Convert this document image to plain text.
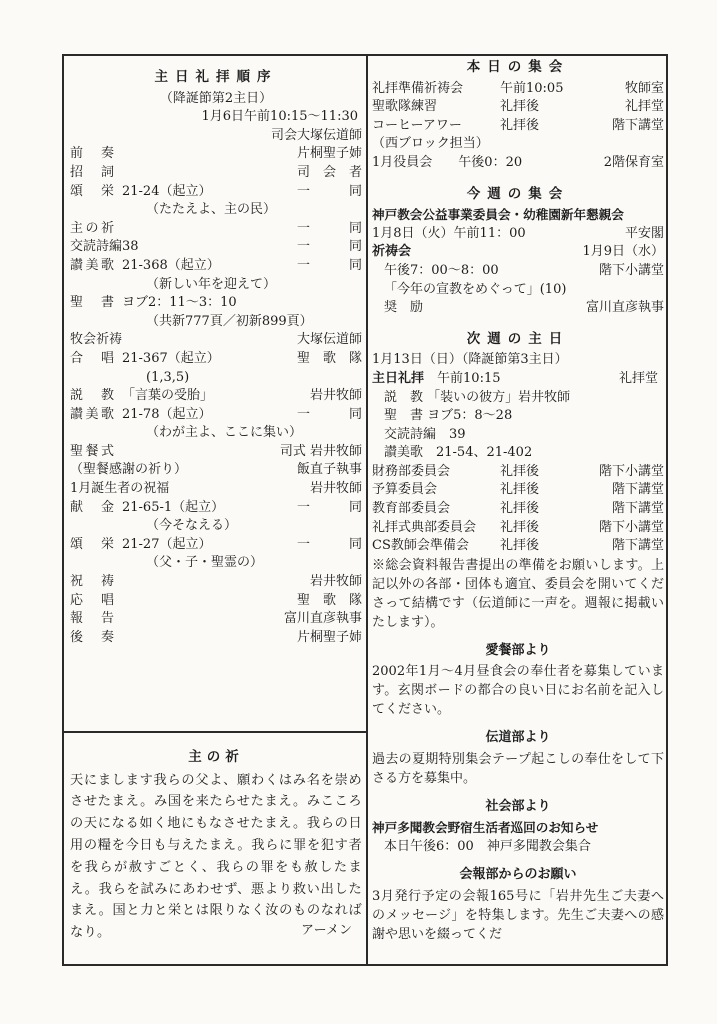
主日礼拝順序
（降誕節第2主日）
1月6日午前10:15～11:30
司会大塚伝道師
前　奏	片桐聖子姉
招　詞	司　会　者
頌　栄 21-24（起立）	一　　　同
（たたえよ、主の民）
主の祈	一　　　同
交読詩編 38	一　　　同
讃美歌 21-368（起立）	一　　　同
（新しい年を迎えて）
聖　書 ヨブ2：11～3：10
（共新777頁／初新899頁）
牧会祈祷	大塚伝道師
合　唱 21-367（起立）	聖　歌　隊
(1,3,5)
説　教 「言葉の受胎」	岩井牧師
讃美歌 21-78（起立）	一　　　同
（わが主よ、ここに集い）
聖餐式	司式 岩井牧師
（聖餐感謝の祈り）	飯直子執事
1月誕生者の祝福	岩井牧師
献　金 21-65-1（起立）	一　　　同
（今そなえる）
頌　栄 21-27（起立）	一　　　同
（父・子・聖霊の）
祝　祷	岩井牧師
応　唱	聖　歌　隊
報　告	富川直彦執事
後　奏	片桐聖子姉
主の祈
天にまします我らの父よ、願わくはみ名を崇めさせたまえ。み国を来たらせたまえ。みこころの天になる如く地にもなさせたまえ。我らの日用の糧を今日も与えたまえ。我らに罪を犯す者を我らが赦すごとく、我らの罪をも赦したまえ。我らを試みにあわせず、悪より救い出したまえ。国と力と栄とは限りなく汝のものなればなり。	アーメン
本日の集会
礼拝準備祈祷会	午前10:05	牧師室
聖歌隊練習	礼拝後	礼拝堂
コーヒーアワー	礼拝後	階下講堂
（西ブロック担当）
1月役員会　　 午後0：20	2階保育室
今週の集会
神戸教会公益事業委員会・幼稚園新年懇親会
1月8日（火）午前11：00	平安閣
祈祷会	1月9日（水）
午後7：00～8：00	階下小講堂
「今年の宣教をめぐって」(10)
奨　励	富川直彦執事
次週の主日
1月13日（日）（降誕節第3主日）
主日礼拝　 午前10:15	礼拝堂
説　教 「装いの彼方」岩井牧師
聖　書 ヨブ5：8～28
交読詩編　39
讃美歌　21-54、21-402
財務部委員会	礼拝後	階下小講堂
予算委員会	礼拝後	階下講堂
教育部委員会	礼拝後	階下講堂
礼拝式典部委員会 礼拝後	階下小講堂
CS教師会準備会 礼拝後	階下講堂
※総会資料報告書提出の準備をお願いします。上記以外の各部・団体も適宜、委員会を開いてくださって結構です（伝道師に一声を。週報に掲載いたします）。
愛餐部より
2002年1月～4月昼食会の奉仕者を募集しています。玄関ボードの都合の良い日にお名前を記入してください。
伝道部より
過去の夏期特別集会テープ起こしの奉仕をして下さる方を募集中。
社会部より
神戸多聞教会野宿生活者巡回のお知らせ
本日午後6：00　神戸多聞教会集合
会報部からのお願い
3月発行予定の会報165号に「岩井先生ご夫妻へのメッセージ」を特集します。先生ご夫妻への感謝や思いを綴ってくだ
